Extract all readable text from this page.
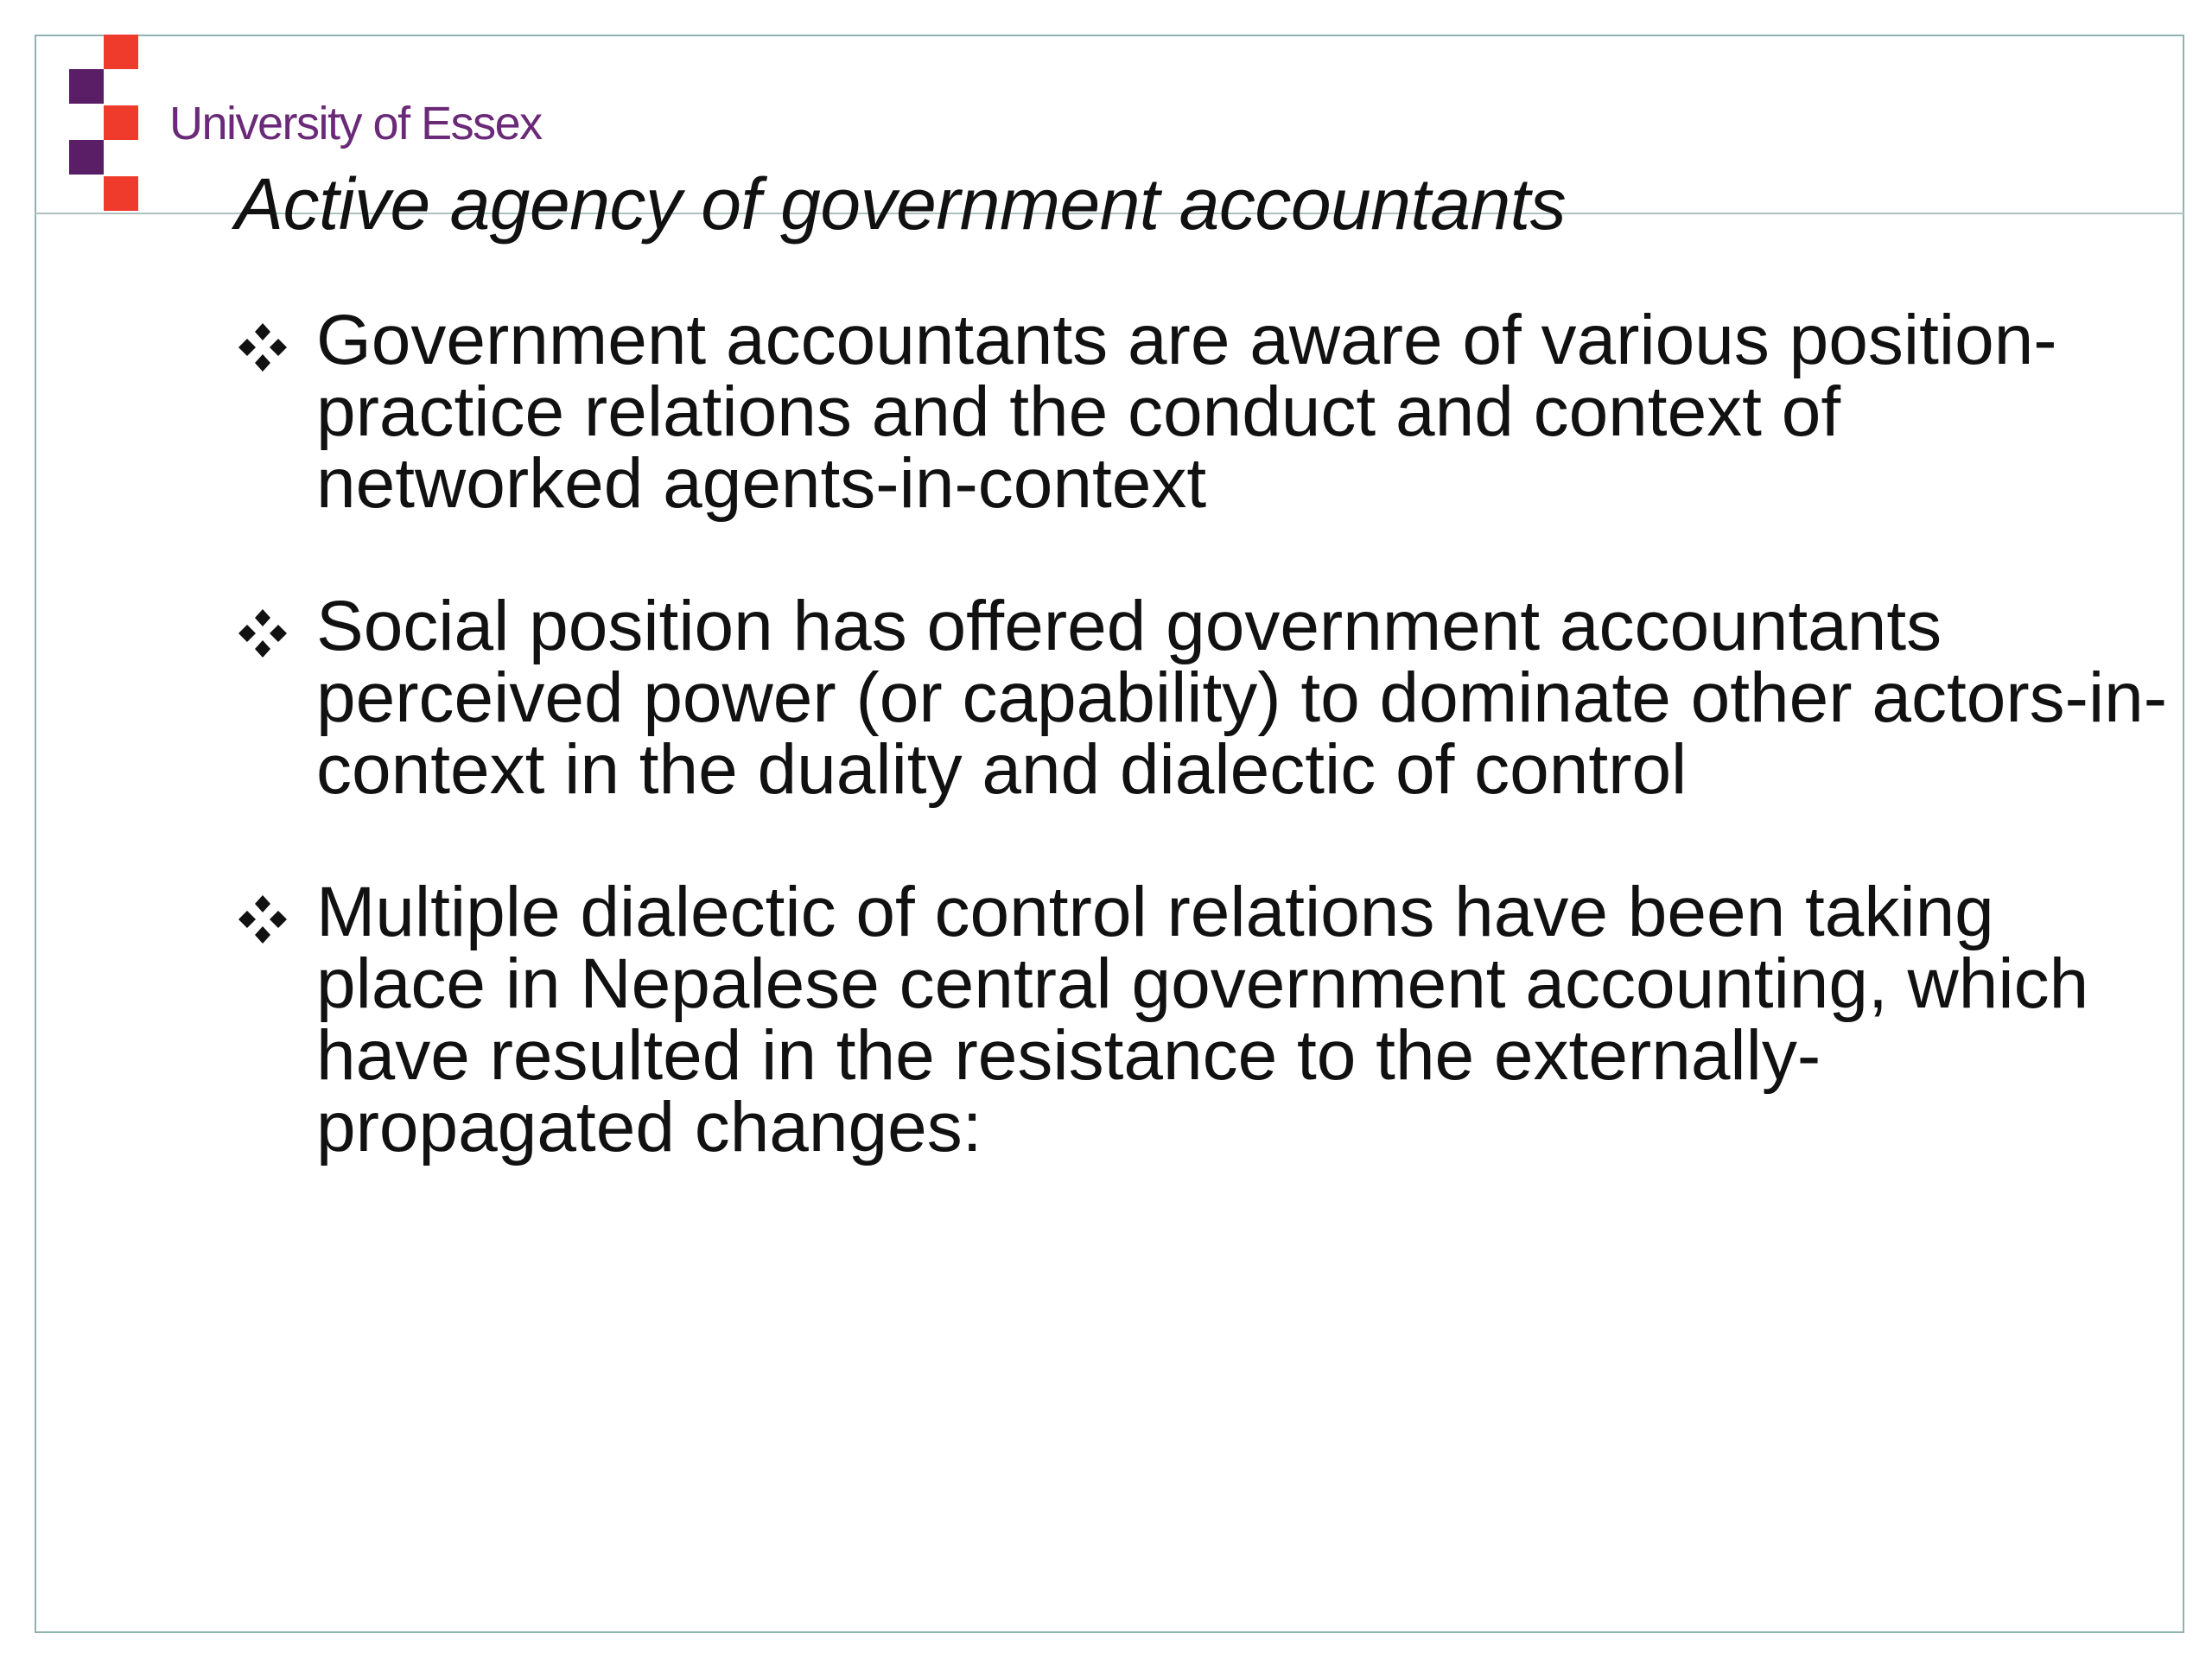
University of Essex
Active agency of government accountants
Government accountants are aware of various position-practice relations and the conduct and context of networked agents-in-context
Social position has offered government accountants perceived power (or capability) to dominate other actors-in-context in the duality and dialectic of control
Multiple dialectic of control relations have been taking place in Nepalese central government accounting, which have resulted in the resistance to the externally-propagated changes:
